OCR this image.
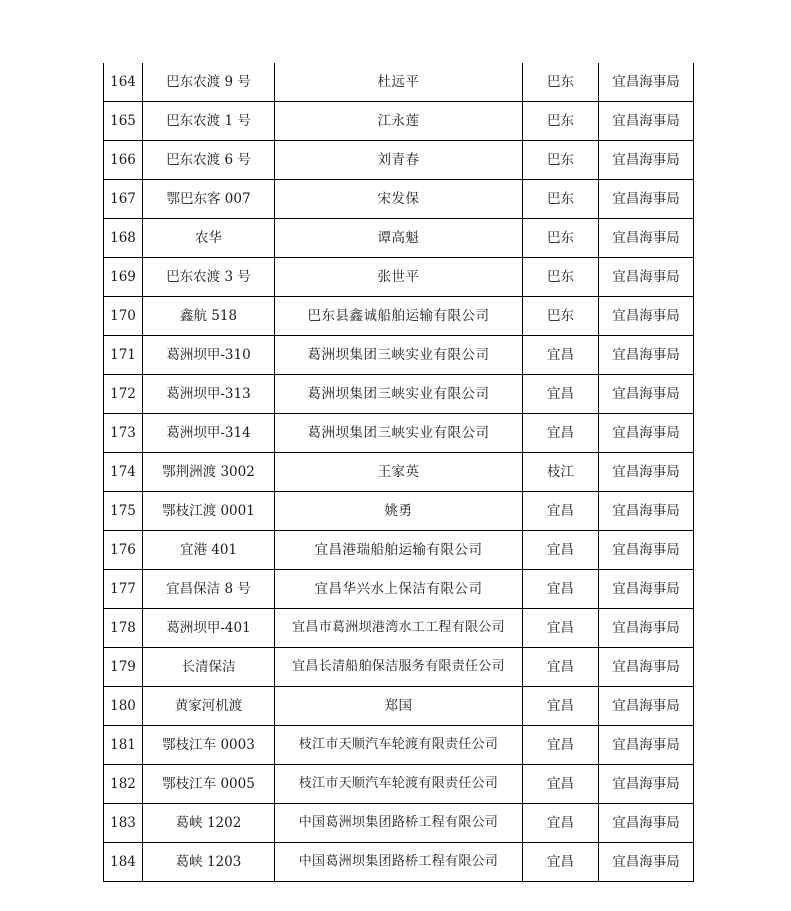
164	巴东农渡 9 号	杜远平	巴东	宜昌海事局
165	巴东农渡 1 号	江永莲	巴东	宜昌海事局
166	巴东农渡 6 号	刘青春	巴东	宜昌海事局
167	鄂巴东客 007	宋发保	巴东	宜昌海事局
168	农华	谭高魁	巴东	宜昌海事局
169	巴东农渡 3 号	张世平	巴东	宜昌海事局
170	鑫航 518	巴东县鑫诚船舶运输有限公司	巴东	宜昌海事局
171	葛洲坝甲-310	葛洲坝集团三峡实业有限公司	宜昌	宜昌海事局
172	葛洲坝甲-313	葛洲坝集团三峡实业有限公司	宜昌	宜昌海事局
173	葛洲坝甲-314	葛洲坝集团三峡实业有限公司	宜昌	宜昌海事局
174	鄂荆洲渡 3002	王家英	枝江	宜昌海事局
175	鄂枝江渡 0001	姚勇	宜昌	宜昌海事局
176	宜港 401	宜昌港瑞船舶运输有限公司	宜昌	宜昌海事局
177	宜昌保洁 8 号	宜昌华兴水上保洁有限公司	宜昌	宜昌海事局
178	葛洲坝甲-401	宜昌市葛洲坝港湾水工工程有限公司	宜昌	宜昌海事局
179	长清保洁	宜昌长清船舶保洁服务有限责任公司	宜昌	宜昌海事局
180	黄家河机渡	郑国	宜昌	宜昌海事局
181	鄂枝江车 0003	枝江市天顺汽车轮渡有限责任公司	宜昌	宜昌海事局
182	鄂枝江车 0005	枝江市天顺汽车轮渡有限责任公司	宜昌	宜昌海事局
183	葛峡 1202	中国葛洲坝集团路桥工程有限公司	宜昌	宜昌海事局
184	葛峡 1203	中国葛洲坝集团路桥工程有限公司	宜昌	宜昌海事局
